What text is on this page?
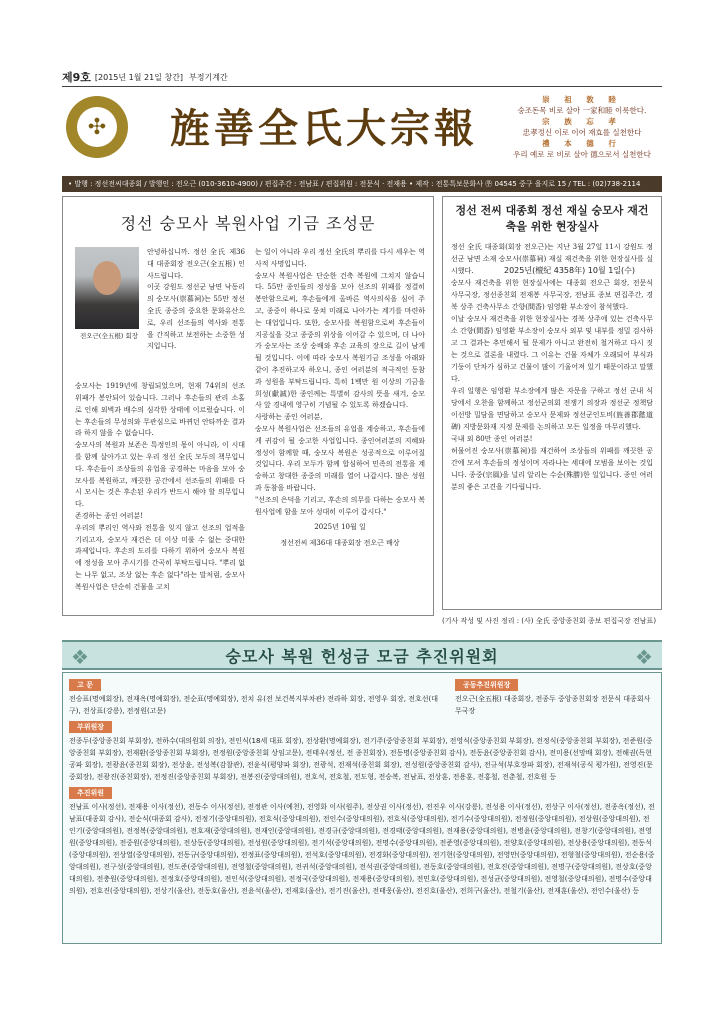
제9호 [2015년 1월 21일 창간] 부정기계간
2025년(檀紀 4358年) 10월 1일(수)
✣	旌善全氏大宗報
崇 祖 敦 睦
숭조돈목 비로 살아 一家和睦 이룩한다.
宗 族 忘 孝
忠孝정신 이로 이어 재효를 실천한다
禮 本 德 行
우리 예로 로 비로 살아 德으로서 실천한다
• 발행 : 정선전씨대종회 / 발행인 : 전오근 (010-3610-4900) / 편집주간 : 전남표 / 편집위원 : 전문식 · 전재용 • 제작 : 전통특보문화사 ㉾ 04545 중구 을지로 15 / TEL : (02)738-2114
정선 숭모사 복원사업 기금 조성문
전오근(全五根) 회장

안녕하십니까. 정선 全氏 제36대 대종회장 전오근(全五根) 인사드립니다.

이곳 강원도 정선군 남면 낙동리의 숭모사(崇慕祠)는 55만 정선 全氏 종중의 중요한 문화유산으로, 우리 선조들의 역사와 전통을 간직하고 보전하는 소중한 성지입니다.

숭모사는 1919년에 창립되었으며, 현재 74위의 선조 위패가 봉안되어 있습니다. 그러나 후손들의 관리 소홀로 인해 외벽과 배수의 심각한 상태에 이르렀습니다. 이는 후손들의 무성의와 무관심으로 바뀌던 안타까운 결과라 하지 않을 수 없습니다.

숭모사의 복원과 보존은 특정인의 몫이 아니라, 이 시대를 함께 살아가고 있는 우리 정선 全氏 모두의 책무입니다. 후손들이 조상들의 유업을 공경하는 마음을 모아 숭모사를 복원하고, 깨끗한 공간에서 선조들의 위패를 다시 모시는 것은 후손된 우리가 반드시 해야 할 의무입니다.

존경하는 종인 여러분!

우리의 뿌리인 역사와 전통을 잊지 않고 선조의 업적을 기리고자, 숭모사 재건은 더 이상 미룰 수 없는 중대한 과제입니다. 후손의 도리를 다하기 위하여 숭모사 복원에 정성을 모아 주시기를 간곡히 부탁드립니다. "뿌리 없는 나무 없고, 조상 없는 후손 없다"라는 말처럼, 숭모사 복원사업은 단순히 건물을 고치

는 일이 아니라 우리 정선 全氏의 뿌리를 다시 세우는 역사적 사명입니다.

숭모사 복원사업은 단순한 건축 복원에 그치지 않습니다. 55만 종인들의 정성을 모아 선조의 위패를 정결히 봉안함으로써, 후손들에게 올바른 역사의식을 심어 주고, 종중이 하나로 뭉쳐 미래로 나아가는 계기를 마련하는 대업입니다. 또한, 숭모사를 복원함으로써 후손들이 지공실을 갖고 종중의 위상을 이어갈 수 있으며, 더 나아가 숭모사는 조상 숭배와 후손 교육의 장으로 길이 남게 될 것입니다. 이에 따라 숭모사 복원기금 조성을 아래와 같이 추진하고자 하오니, 종인 여러분의 적극적인 동참과 성원을 부탁드립니다. 특히 1백만 원 이상의 기금을 희성(獻誠)한 종인께는 특별히 감사의 뜻을 새겨, 숭모사 앞 경내에 영구히 기념될 수 있도록 하겠습니다.

사랑하는 종인 여러분,

숭모사 복원사업은 선조들의 유업을 계승하고, 후손들에게 귀감이 될 숭고한 사업입니다. 종인여러분의 지혜와 정성이 함께할 때, 숭모사 복원은 성공적으로 이루어질 것입니다. 우리 모두가 함께 합심하여 민족의 전통을 계승하고 창대한 종중의 미래를 열어 나갑시다. 많은 성원과 동참을 바랍니다.

"선조의 은덕을 기리고, 후손의 의무를 다하는 숭모사 복원사업에 함을 모아 성대히 이루어 갑시다."

2025년 10월 일

정선전씨 제36대 대종회장 전오근 배상

정선 전씨 대종회 정선 재실 숭모사 재건축을 위한 현장실사

정선 全氏 대종회(회장 전오근)는 지난 3월 27일 11시 강원도 정선군 남면 소재 숭모사(崇慕祠) 재실 재건축을 위한 현장실사를 실시했다.

숭모사 재건축을 위한 현장실사에는 대종회 전오근 회장, 전문식 사무국장, 정선종친회 전재봉 사무국장, 전남표 종보 편집주간, 경북 상주 건축사무소 간향(間香) 임영환 부소장이 참석했다.

이날 숭모사 재건축을 위한 현장실사는 경북 상주에 있는 건축사무소 간향(間香) 임영환 부소장이 숭모사 외부 및 내부를 정밀 검사하고 그 결과는 추민해서 될 문제가 아니고 완전히 철거하고 다시 짓는 것으로 결론을 내렸다. 그 이유는 건물 자체가 오래되어 부식과 기둥이 단차가 심하고 건물이 많이 기울어져 있기 때문이라고 말했다.

우리 일행은 임영환 부소장에게 많은 자문을 구하고 정선 군내 식당에서 오찬을 함께하고 정선군의회 전쟁기 의장과 정선군 정책담 이선방 밀담을 면담하고 숭모사 문제와 정선군인도비(旌善郡懿道碑) 지방문화재 지정 문제를 논의하고 모든 일정을 마무리했다.

국내 외 80만 종인 여러분!

허물어진 숭모사(崇慕祠)를 재건하여 조상들의 위패를 깨끗한 공간에 모셔 후손들의 정성이며 자라나는 세대에 모범을 보이는 것입니다. 종중(宗風)을 널리 알리는 수순(殊勝)한 일입니다. 종인 여러분의 좋은 고견을 기다립니다.

(기사 작성 및 사진 정리 : (사) 全氏 중앙종친회 종보 편집국장 전남표)
❖	숭모사 복원 헌성금 모금 추진위원회	❖
고 문
전승표(명예회장), 전재옥(명예회장), 전순표(명예회장), 전치 유(전 보건복지부차관) 전라하 회장, 전영우 회장, 전호선(대구), 전상표(강릉), 전정원(고문)
공동추진위원장
전오근(全五根) 대종회장, 전종두 중앙종친회장 전문식 대종회사무국장
부위원장
전종두(중앙종친회 부회장), 전하수(대의원회 의장), 전인식(18세 대표 회장), 전상환(명예회장), 전기주(중앙종친회 부회장), 전영식(중앙종친회 부회장), 전정식(중앙종친회 부회장), 전준원(중앙종친회 부회장), 전재환(중앙종친회 부회장), 전정원(중앙종친회 상임고문), 전태우(정선, 전 종친회장), 전동명(중앙종친회 감사), 전동윤(중앙종친회 감사), 전미용(선망배 회장), 전해권(독현공파 회장), 전광윤(종친회 회장), 전상윤, 전성복(감찰관), 전윤식(평양파 회장), 전광석, 전재석(종친회 회장), 전성원(중앙종친회 감사), 전규석(부호장파 회장), 전재석(공식 평가원), 전영진(문중회장), 전광진(종친회장), 전정진(중앙종친회 부회장), 전봉진(중앙대의원), 전호석, 전호철, 전도형, 전승복, 전남표, 전상훈, 전용훈, 전홍철, 전춘철, 전호원 등
추진위원
전남표 이사(정선), 전재용 이사(정선), 전동수 이사(정선), 전정관 이사(예천), 전영화 이사(원주), 전상권 이사(정선), 전진우 이사(강릉), 전성용 이사(정선), 전상구 이사(정선), 전종옥(정선), 전남표(대종회 감사), 전순식(대종회 감사), 전정기(중앙대의원), 전호식(중앙대의원), 전인수(중앙대의원), 전호식(중앙대의원), 전기수(중앙대의원), 전정원(중앙대의원), 전상원(중앙대의원), 전인기(중앙대의원), 전정복(중앙대의원), 전호재(중앙대의원), 전재인(중앙대의원), 전경규(중앙대의원), 전경태(중앙대의원), 전재용(중앙대의원), 전병윤(중앙대의원), 전창기(중앙대의원), 전영원(중앙대의원), 전중원(중앙대의원), 전상동(중앙대의원), 전성원(중앙대의원), 전기석(중앙대의원), 전명수(중앙대의원), 전준영(중앙대의원), 전양호(중앙대의원), 전상용(중앙대의원), 전동석(중앙대의원), 전상열(중앙대의원), 전동규(중앙대의원), 전정표(중앙대의원), 전석호(중앙대의원), 전경화(중앙대의원), 전기현(중앙대의원), 전영만(중앙대의원), 전형철(중앙대의원), 전순용(중앙대의원), 전구성(중앙대의원), 전도준(중앙대의원), 전영철(중앙대의원), 전귀석(중앙대의원), 전석권(중앙대의원), 전동호(중앙대의원), 전호진(중앙대의원), 전명구(중앙대의원), 전상호(중앙대의원), 전충원(중앙대의원), 전정호(중앙대의원), 전인석(중앙대의원), 전정국(중앙대의원), 전재용(중앙대의원), 전민호(중앙대의원), 전성균(중앙대의원), 전영철(중앙대의원), 전명수(중앙대의원), 전호진(중앙대의원), 전상기(울산), 전동호(울산), 전윤석(울산), 전재호(울산), 전기진(울산), 전태웅(울산), 전진호(울산), 전희구(울산), 전철기(울산), 전재훈(울산), 전인수(울산) 등
